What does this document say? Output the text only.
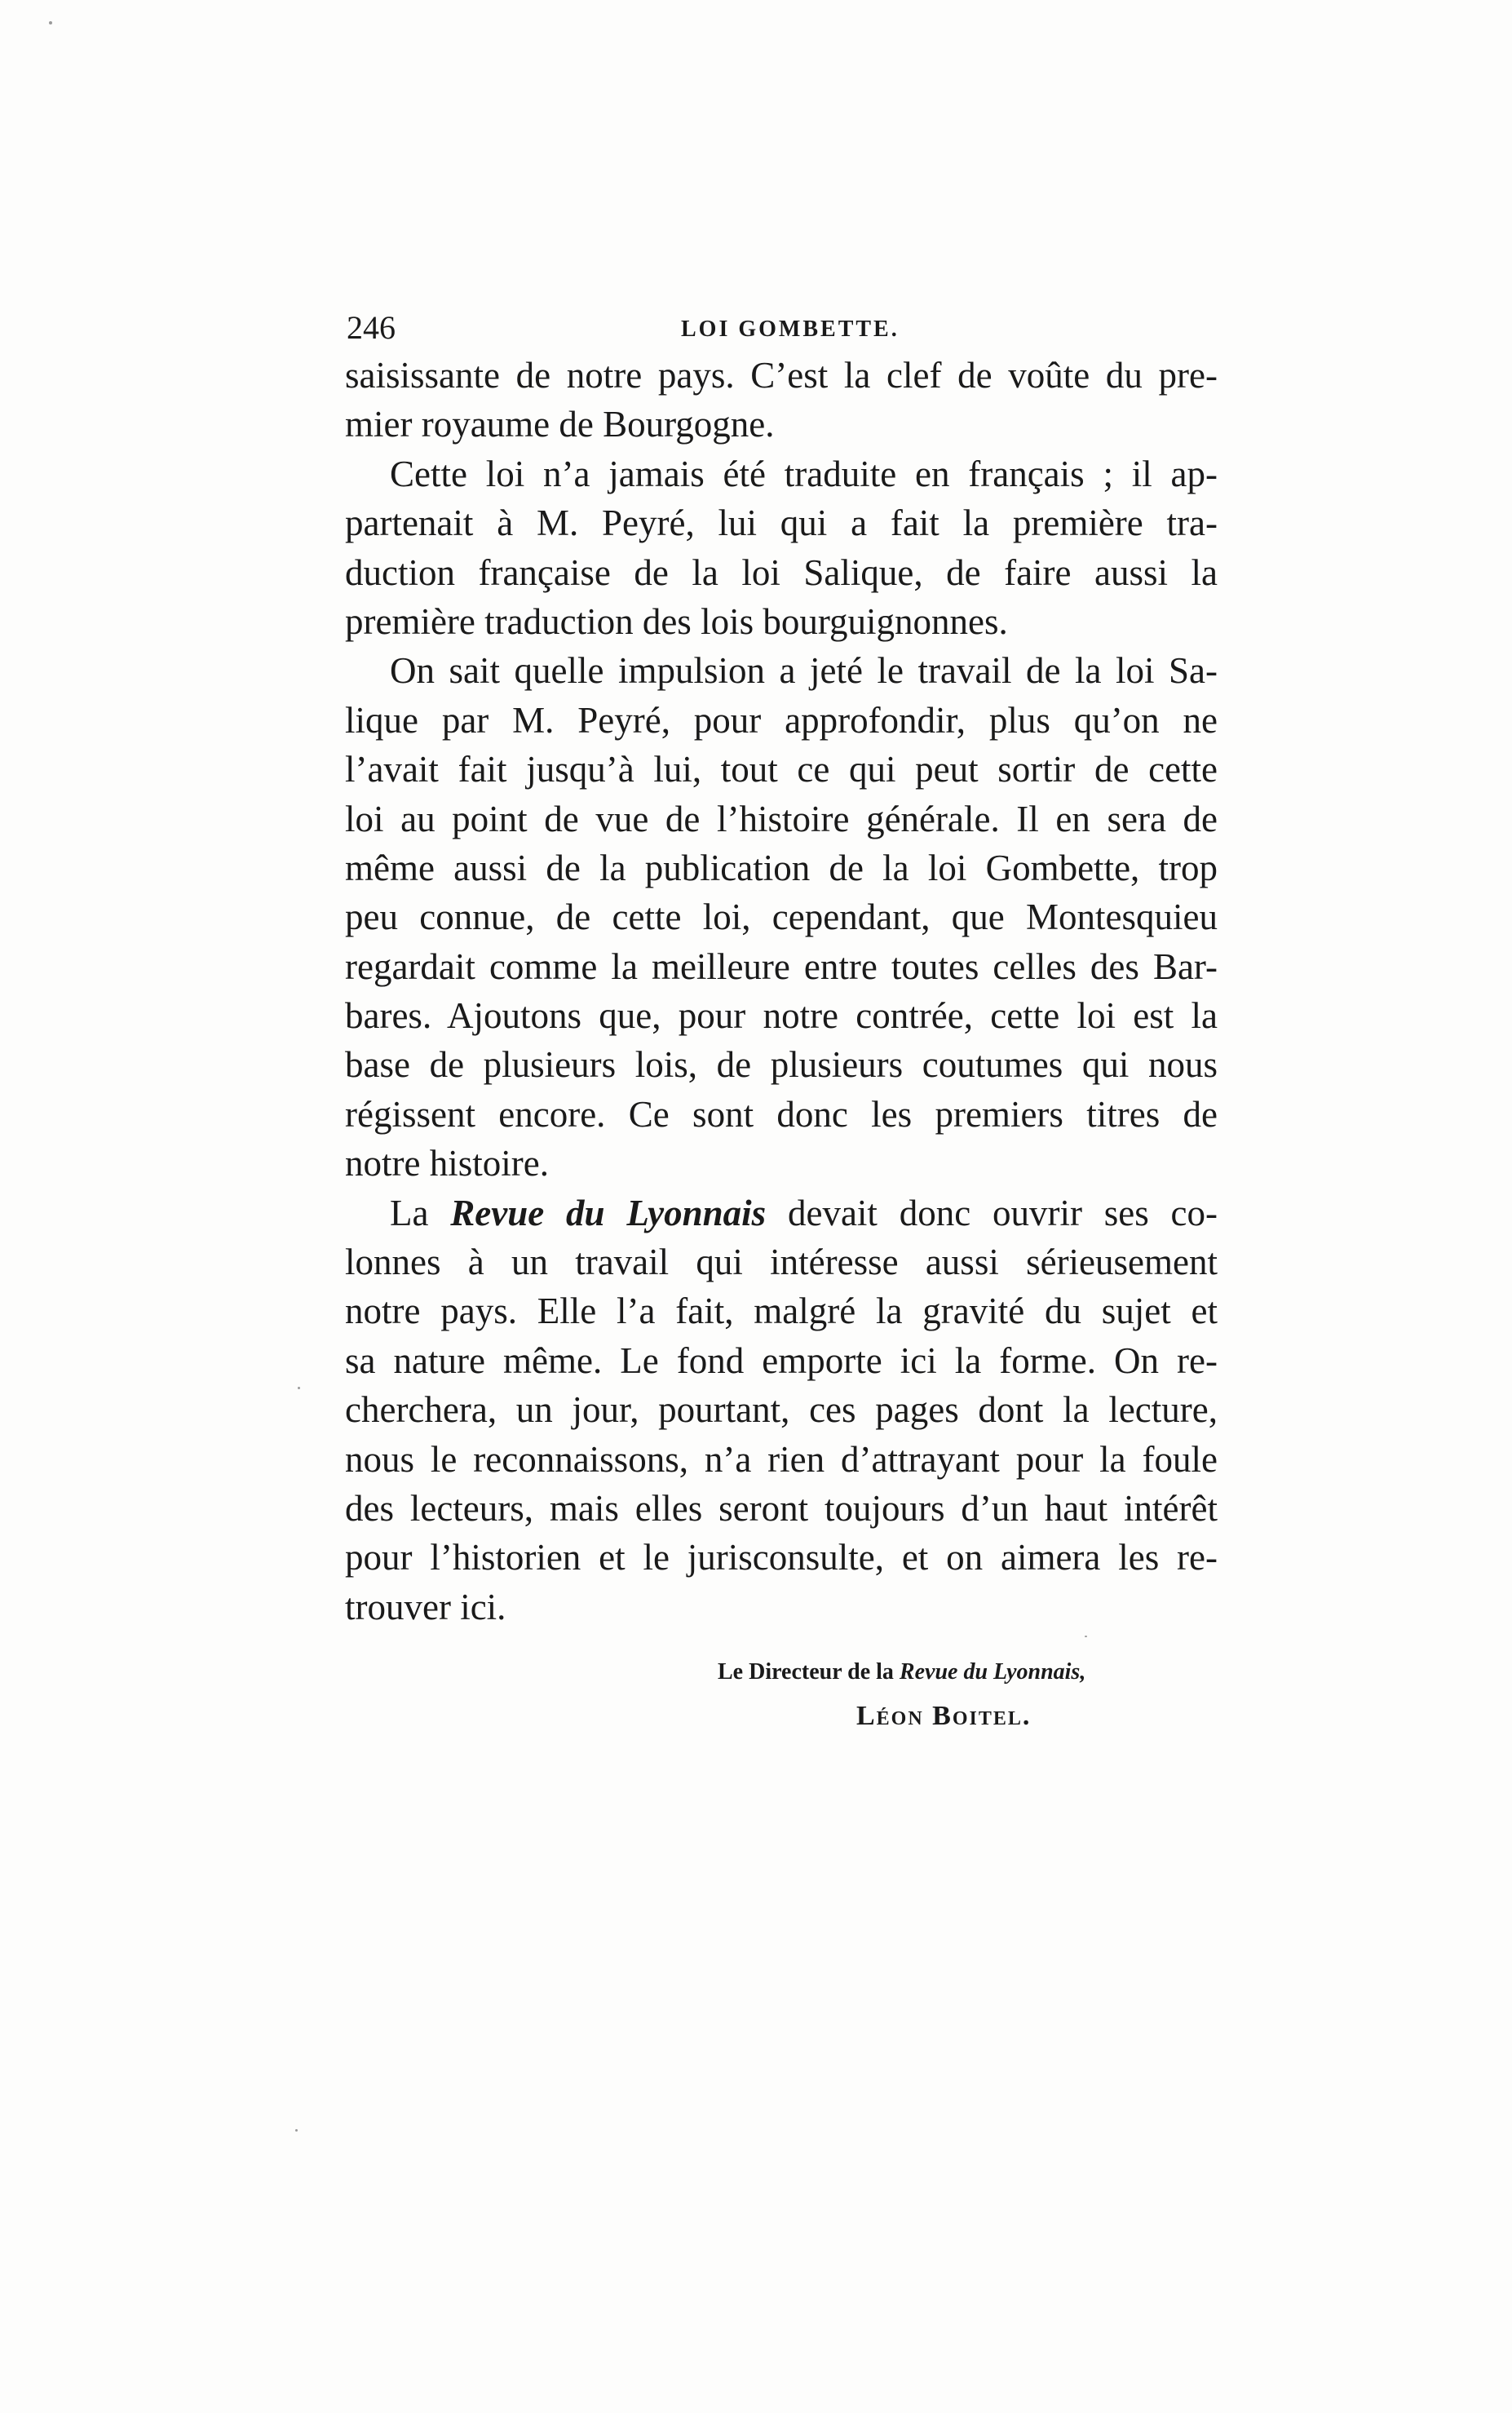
246	LOI GOMBETTE.
saisissante de notre pays. C’est la clef de voûte du pre-
mier royaume de Bourgogne.
Cette loi n’a jamais été traduite en français ; il ap-
partenait à M. Peyré, lui qui a fait la première tra-
duction française de la loi Salique, de faire aussi la
première traduction des lois bourguignonnes.
On sait quelle impulsion a jeté le travail de la loi Sa-
lique par M. Peyré, pour approfondir, plus qu’on ne
l’avait fait jusqu’à lui, tout ce qui peut sortir de cette
loi au point de vue de l’histoire générale. Il en sera de
même aussi de la publication de la loi Gombette, trop
peu connue, de cette loi, cependant, que Montesquieu
regardait comme la meilleure entre toutes celles des Bar-
bares. Ajoutons que, pour notre contrée, cette loi est la
base de plusieurs lois, de plusieurs coutumes qui nous
régissent encore. Ce sont donc les premiers titres de
notre histoire.
La Revue du Lyonnais devait donc ouvrir ses co-
lonnes à un travail qui intéresse aussi sérieusement
notre pays. Elle l’a fait, malgré la gravité du sujet et
sa nature même. Le fond emporte ici la forme. On re-
cherchera, un jour, pourtant, ces pages dont la lecture,
nous le reconnaissons, n’a rien d’attrayant pour la foule
des lecteurs, mais elles seront toujours d’un haut intérêt
pour l’historien et le jurisconsulte, et on aimera les re-
trouver ici.
Le Directeur de la Revue du Lyonnais,
Léon Boitel.
